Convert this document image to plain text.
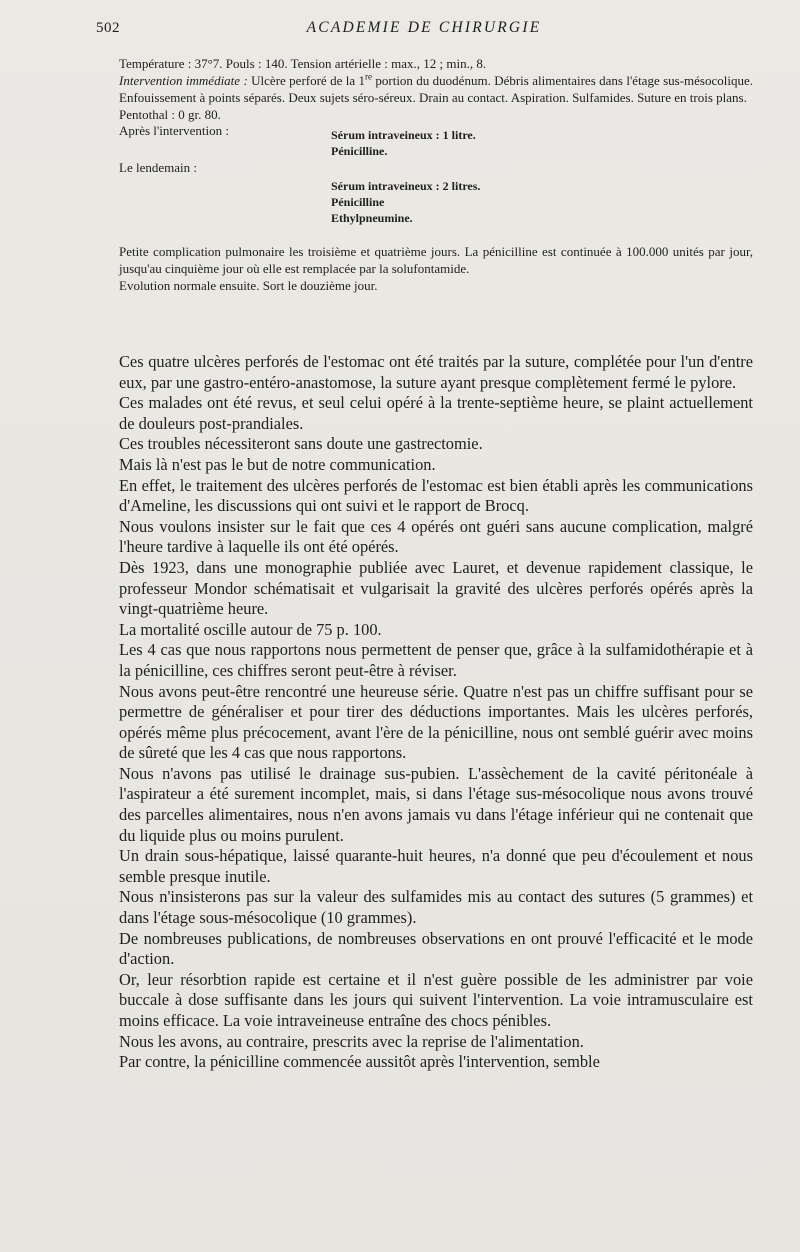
502	ACADEMIE DE CHIRURGIE

Température : 37°7. Pouls : 140. Tension artérielle : max., 12 ; min., 8.

Intervention immédiate : Ulcère perforé de la 1re portion du duodénum. Débris alimentaires dans l'étage sus-mésocolique. Enfouissement à points séparés. Deux sujets séro-séreux. Drain au contact. Aspiration. Sulfamides. Suture en trois plans.

Pentothal : 0 gr. 80.

Après l'intervention :	Sérum intraveineux : 1 litre.
Pénicilline.
Le lendemain :
Sérum intraveineux : 2 litres.
Pénicilline
Ethylpneumine.

Petite complication pulmonaire les troisième et quatrième jours. La pénicilline est continuée à 100.000 unités par jour, jusqu'au cinquième jour où elle est remplacée par la solufontamide.

Evolution normale ensuite. Sort le douzième jour.

Ces quatre ulcères perforés de l'estomac ont été traités par la suture, complétée pour l'un d'entre eux, par une gastro-entéro-anastomose, la suture ayant presque complètement fermé le pylore.

Ces malades ont été revus, et seul celui opéré à la trente-septième heure, se plaint actuellement de douleurs post-prandiales.

Ces troubles nécessiteront sans doute une gastrectomie.

Mais là n'est pas le but de notre communication.

En effet, le traitement des ulcères perforés de l'estomac est bien établi après les communications d'Ameline, les discussions qui ont suivi et le rapport de Brocq.

Nous voulons insister sur le fait que ces 4 opérés ont guéri sans aucune complication, malgré l'heure tardive à laquelle ils ont été opérés.

Dès 1923, dans une monographie publiée avec Lauret, et devenue rapidement classique, le professeur Mondor schématisait et vulgarisait la gravité des ulcères perforés opérés après la vingt-quatrième heure.

La mortalité oscille autour de 75 p. 100.

Les 4 cas que nous rapportons nous permettent de penser que, grâce à la sulfamidothérapie et à la pénicilline, ces chiffres seront peut-être à réviser.

Nous avons peut-être rencontré une heureuse série. Quatre n'est pas un chiffre suffisant pour se permettre de généraliser et pour tirer des déductions importantes. Mais les ulcères perforés, opérés même plus précocement, avant l'ère de la pénicilline, nous ont semblé guérir avec moins de sûreté que les 4 cas que nous rapportons.

Nous n'avons pas utilisé le drainage sus-pubien. L'assèchement de la cavité péritonéale à l'aspirateur a été surement incomplet, mais, si dans l'étage sus-mésocolique nous avons trouvé des parcelles alimentaires, nous n'en avons jamais vu dans l'étage inférieur qui ne contenait que du liquide plus ou moins purulent.

Un drain sous-hépatique, laissé quarante-huit heures, n'a donné que peu d'écoulement et nous semble presque inutile.

Nous n'insisterons pas sur la valeur des sulfamides mis au contact des sutures (5 grammes) et dans l'étage sous-mésocolique (10 grammes).

De nombreuses publications, de nombreuses observations en ont prouvé l'efficacité et le mode d'action.

Or, leur résorbtion rapide est certaine et il n'est guère possible de les administrer par voie buccale à dose suffisante dans les jours qui suivent l'intervention. La voie intramusculaire est moins efficace. La voie intraveineuse entraîne des chocs pénibles.

Nous les avons, au contraire, prescrits avec la reprise de l'alimentation.

Par contre, la pénicilline commencée aussitôt après l'intervention, semble
